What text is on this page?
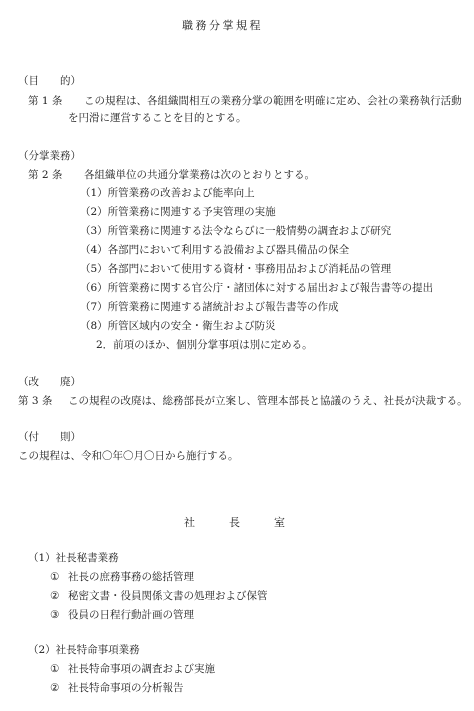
職務分掌規程
（目　　的）
第 1 条 この規程は、各組織間相互の業務分掌の範囲を明確に定め、会社の業務執行活動
を円滑に運営することを目的とする。
（分掌業務）
第 2 条 各組織単位の共通分掌業務は次のとおりとする。
（1）所管業務の改善および能率向上
（2）所管業務に関連する予実管理の実施
（3）所管業務に関連する法令ならびに一般情勢の調査および研究
（4）各部門において利用する設備および器具備品の保全
（5）各部門において使用する資材・事務用品および消耗品の管理
（6）所管業務に関する官公庁・諸団体に対する届出および報告書等の提出
（7）所管業務に関連する諸統計および報告書等の作成
（8）所管区域内の安全・衛生および防災
2．前項のほか、個別分掌事項は別に定める。
（改　　廃）
第 3 条 この規程の改廃は、総務部長が立案し、管理本部長と協議のうえ、社長が決裁する。
（付　　則）
この規程は、令和〇年〇月〇日から施行する。
社	長	室
（1）社長秘書業務
① 社長の庶務事務の総括管理
② 秘密文書・役員関係文書の処理および保管
③ 役員の日程行動計画の管理
（2）社長特命事項業務
① 社長特命事項の調査および実施
② 社長特命事項の分析報告
